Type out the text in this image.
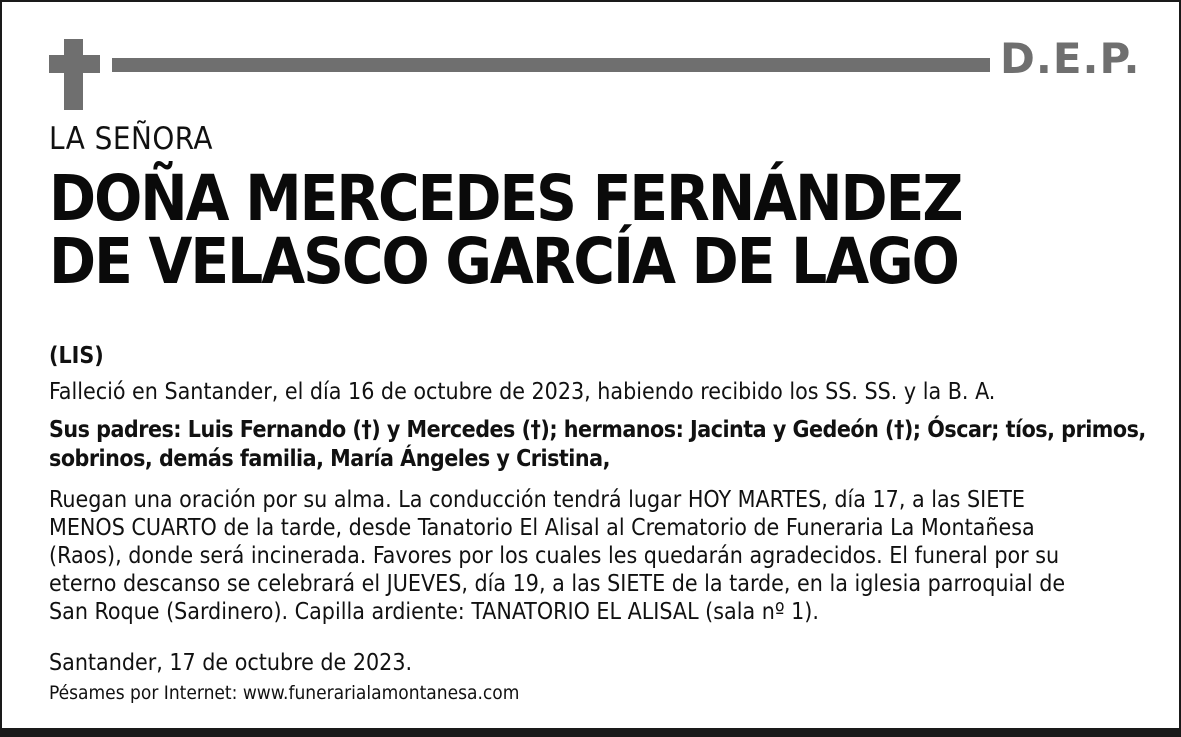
D.E.P.

LA SEÑORA

DOÑA MERCEDES FERNÁNDEZ
DE VELASCO GARCÍA DE LAGO

(LIS)

Falleció en Santander, el día 16 de octubre de 2023, habiendo recibido los SS. SS. y la B. A.

Sus padres: Luis Fernando (†) y Mercedes (†); hermanos: Jacinta y Gedeón (†); Óscar; tíos, primos,
sobrinos, demás familia, María Ángeles y Cristina,

Ruegan una oración por su alma. La conducción tendrá lugar HOY MARTES, día 17, a las SIETE
MENOS CUARTO de la tarde, desde Tanatorio El Alisal al Crematorio de Funeraria La Montañesa
(Raos), donde será incinerada. Favores por los cuales les quedarán agradecidos. El funeral por su
eterno descanso se celebrará el JUEVES, día 19, a las SIETE de la tarde, en la iglesia parroquial de
San Roque (Sardinero). Capilla ardiente: TANATORIO EL ALISAL (sala nº 1).

Santander, 17 de octubre de 2023.

Pésames por Internet: www.funerarialamontanesa.com
